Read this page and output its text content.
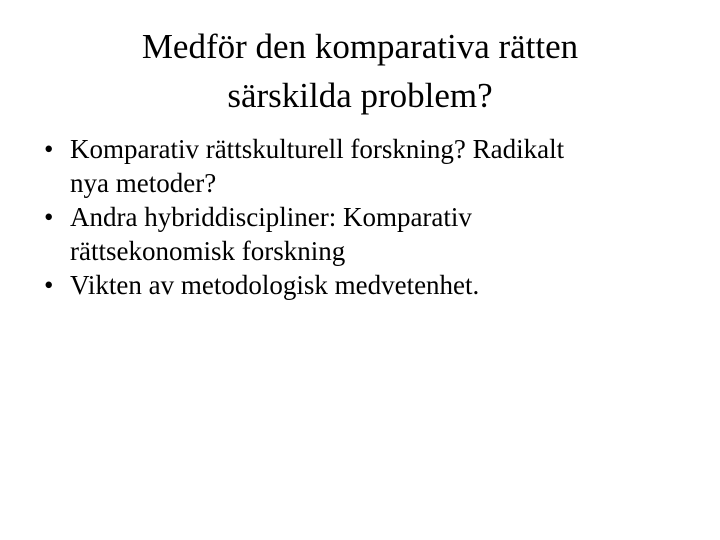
Medför den komparativa rätten
särskilda problem?
• Komparativ rättskulturell forskning? Radikalt
nya metoder?
• Andra hybriddiscipliner: Komparativ
rättsekonomisk forskning
• Vikten av metodologisk medvetenhet.
